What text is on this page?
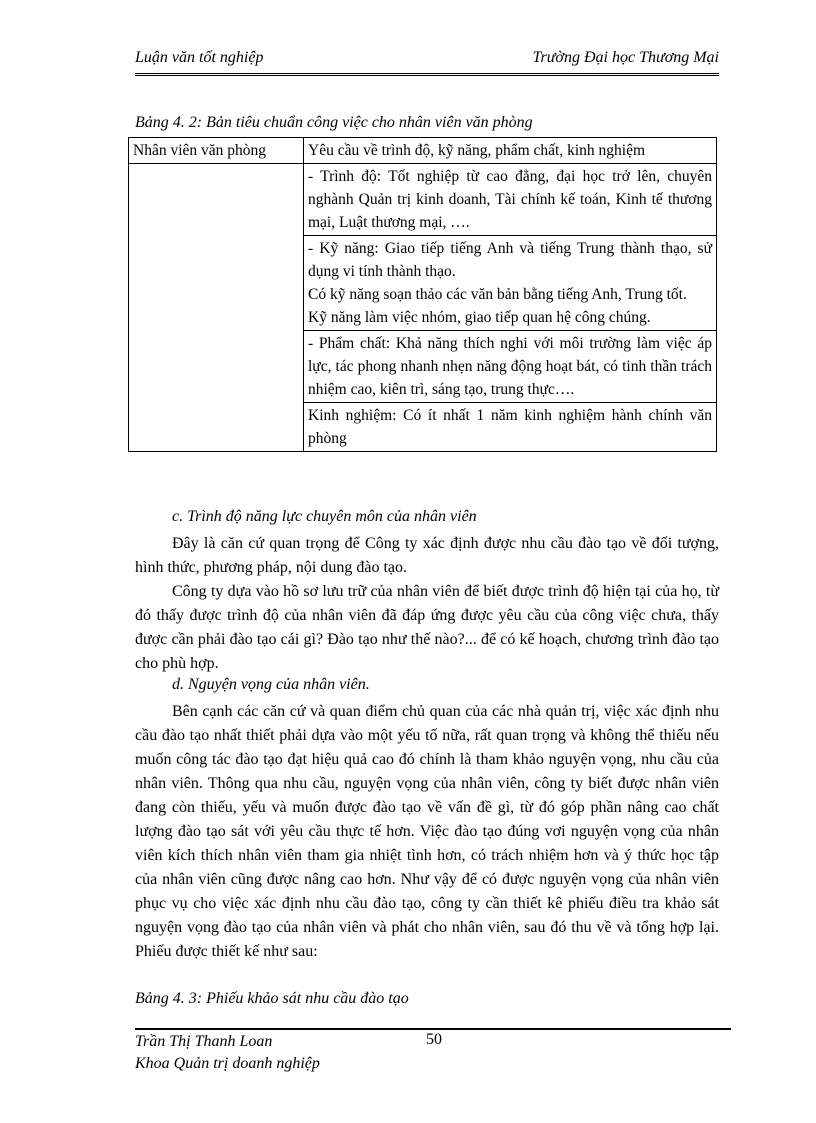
Luận văn tốt nghiệp	Trường Đại học Thương Mại
Bảng 4. 2: Bản tiêu chuẩn công việc cho nhân viên văn phòng
Nhân viên văn phòng	Yêu cầu về trình độ, kỹ năng, phẩm chất, kinh nghiệm
	- Trình độ: Tốt nghiệp từ cao đẳng, đại học trở lên, chuyên nghành Quản trị kinh doanh, Tài chính kế toán, Kinh tế thương mại, Luật thương mại, ….

	- Kỹ năng: Giao tiếp tiếng Anh và tiếng Trung thành thạo, sử dụng vi tính thành thạo.
Có kỹ năng soạn thảo các văn bản bằng tiếng Anh, Trung tốt.
Kỹ năng làm việc nhóm, giao tiếp quan hệ công chúng.

	- Phẩm chất: Khả năng thích nghi với môi trường làm việc áp lực, tác phong nhanh nhẹn năng động hoạt bát, có tinh thần trách nhiệm cao, kiên trì, sáng tạo, trung thực….
	Kinh nghiệm: Có ít nhất 1 năm kinh nghiệm hành chính văn phòng
c. Trình độ năng lực chuyên môn của nhân viên
Đây là căn cứ quan trọng để Công ty xác định được nhu cầu đào tạo về đối tượng, hình thức, phương pháp, nội dung đào tạo.
Công ty dựa vào hồ sơ lưu trữ của nhân viên để biết được trình độ hiện tại của họ, từ đó thấy được trình độ của nhân viên đã đáp ứng được yêu cầu của công việc chưa, thấy được cần phải đào tạo cái gì? Đào tạo như thế nào?... để có kế hoạch, chương trình đào tạo cho phù hợp.
d. Nguyện vọng của nhân viên.
Bên cạnh các căn cứ và quan điểm chủ quan của các nhà quản trị, việc xác định nhu cầu đào tạo nhất thiết phải dựa vào một yếu tố nữa, rất quan trọng và không thể thiếu nếu muốn công tác đào tạo đạt hiệu quả cao đó chính là tham khảo nguyện vọng, nhu cầu của nhân viên. Thông qua nhu cầu, nguyện vọng của nhân viên, công ty biết được nhân viên đang còn thiếu, yếu và muốn được đào tạo về vấn đề gì, từ đó góp phần nâng cao chất lượng đào tạo sát với yêu cầu thực tế hơn. Việc đào tạo đúng vơi nguyện vọng của nhân viên kích thích nhân viên tham gia nhiệt tình hơn, có trách nhiệm hơn và ý thức học tập của nhân viên cũng được nâng cao hơn. Như vậy để có được nguyện vọng của nhân viên phục vụ cho việc xác định nhu cầu đào tạo, công ty cần thiết kê phiếu điều tra khảo sát nguyện vọng đào tạo của nhân viên và phát cho nhân viên, sau đó thu về và tổng hợp lại. Phiếu được thiết kế như sau:
Bảng 4. 3: Phiếu khảo sát nhu cầu đào tạo
Trần Thị Thanh Loan
Khoa Quản trị doanh nghiệp
50
